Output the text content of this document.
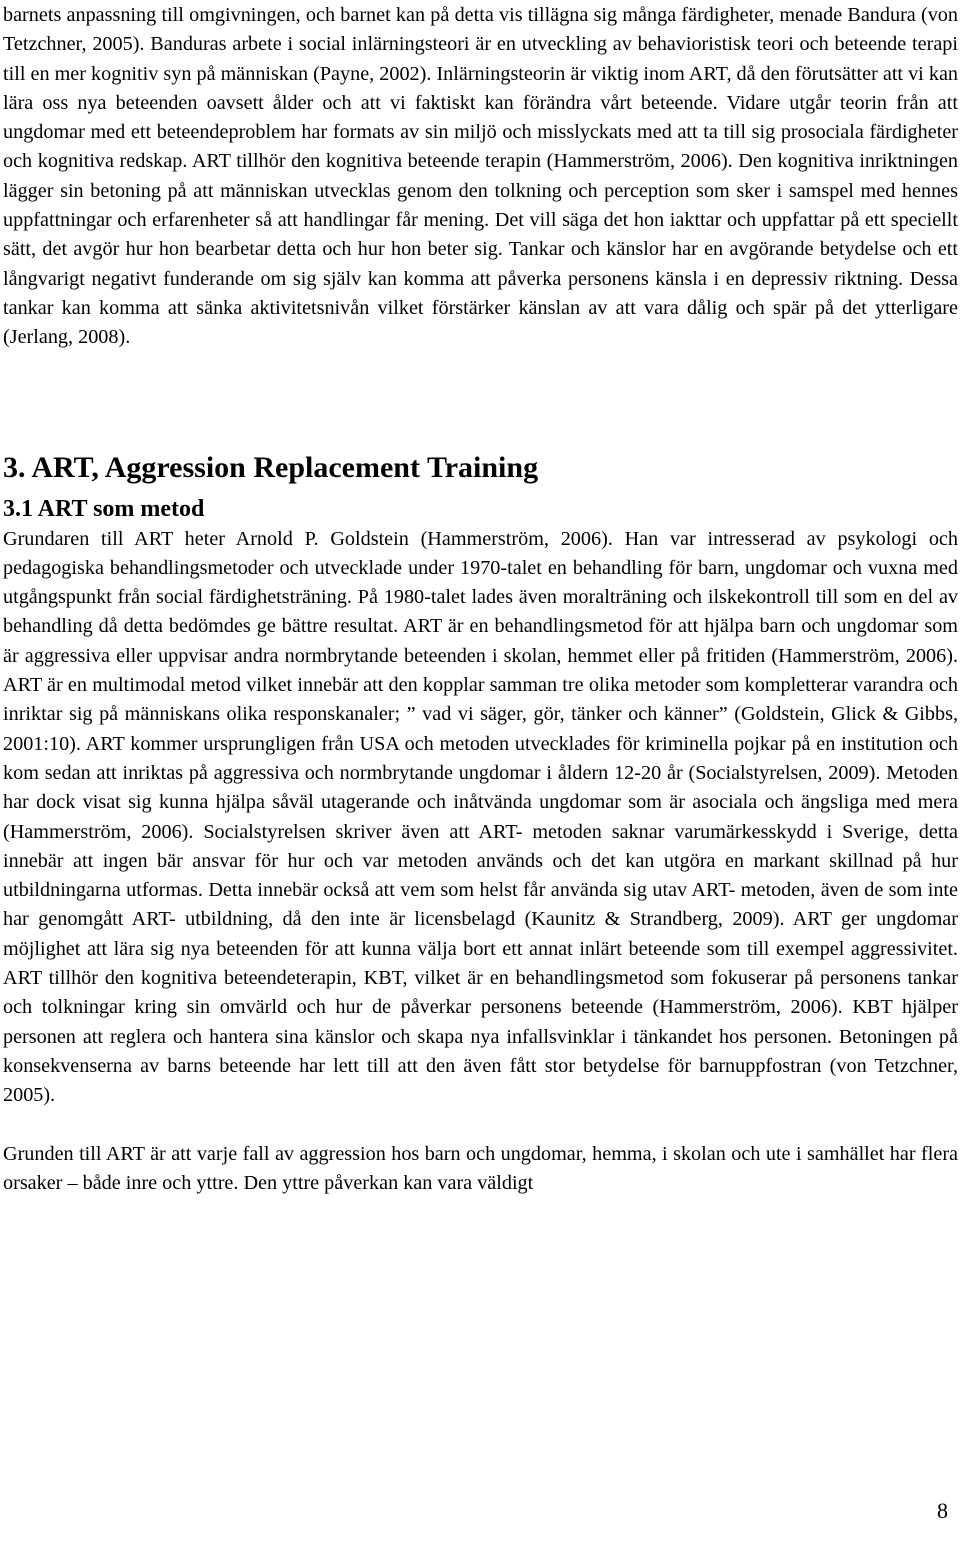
barnets anpassning till omgivningen, och barnet kan på detta vis tillägna sig många färdigheter, menade Bandura (von Tetzchner, 2005). Banduras arbete i social inlärningsteori är en utveckling av behavioristisk teori och beteende terapi till en mer kognitiv syn på människan (Payne, 2002). Inlärningsteorin är viktig inom ART, då den förutsätter att vi kan lära oss nya beteenden oavsett ålder och att vi faktiskt kan förändra vårt beteende. Vidare utgår teorin från att ungdomar med ett beteendeproblem har formats av sin miljö och misslyckats med att ta till sig prosociala färdigheter och kognitiva redskap. ART tillhör den kognitiva beteende terapin (Hammerström, 2006). Den kognitiva inriktningen lägger sin betoning på att människan utvecklas genom den tolkning och perception som sker i samspel med hennes uppfattningar och erfarenheter så att handlingar får mening. Det vill säga det hon iakttar och uppfattar på ett speciellt sätt, det avgör hur hon bearbetar detta och hur hon beter sig. Tankar och känslor har en avgörande betydelse och ett långvarigt negativt funderande om sig själv kan komma att påverka personens känsla i en depressiv riktning. Dessa tankar kan komma att sänka aktivitetsnivån vilket förstärker känslan av att vara dålig och spär på det ytterligare (Jerlang, 2008).

3. ART, Aggression Replacement Training
3.1 ART som metod

Grundaren till ART heter Arnold P. Goldstein (Hammerström, 2006). Han var intresserad av psykologi och pedagogiska behandlingsmetoder och utvecklade under 1970-talet en behandling för barn, ungdomar och vuxna med utgångspunkt från social färdighetsträning. På 1980-talet lades även moralträning och ilskekontroll till som en del av behandling då detta bedömdes ge bättre resultat. ART är en behandlingsmetod för att hjälpa barn och ungdomar som är aggressiva eller uppvisar andra normbrytande beteenden i skolan, hemmet eller på fritiden (Hammerström, 2006). ART är en multimodal metod vilket innebär att den kopplar samman tre olika metoder som kompletterar varandra och inriktar sig på människans olika responskanaler; ” vad vi säger, gör, tänker och känner” (Goldstein, Glick & Gibbs, 2001:10). ART kommer ursprungligen från USA och metoden utvecklades för kriminella pojkar på en institution och kom sedan att inriktas på aggressiva och normbrytande ungdomar i åldern 12-20 år (Socialstyrelsen, 2009). Metoden har dock visat sig kunna hjälpa såväl utagerande och inåtvända ungdomar som är asociala och ängsliga med mera (Hammerström, 2006). Socialstyrelsen skriver även att ART- metoden saknar varumärkesskydd i Sverige, detta innebär att ingen bär ansvar för hur och var metoden används och det kan utgöra en markant skillnad på hur utbildningarna utformas. Detta innebär också att vem som helst får använda sig utav ART- metoden, även de som inte har genomgått ART- utbildning, då den inte är licensbelagd (Kaunitz & Strandberg, 2009). ART ger ungdomar möjlighet att lära sig nya beteenden för att kunna välja bort ett annat inlärt beteende som till exempel aggressivitet. ART tillhör den kognitiva beteendeterapin, KBT, vilket är en behandlingsmetod som fokuserar på personens tankar och tolkningar kring sin omvärld och hur de påverkar personens beteende (Hammerström, 2006). KBT hjälper personen att reglera och hantera sina känslor och skapa nya infallsvinklar i tänkandet hos personen. Betoningen på konsekvenserna av barns beteende har lett till att den även fått stor betydelse för barnuppfostran (von Tetzchner, 2005).

Grunden till ART är att varje fall av aggression hos barn och ungdomar, hemma, i skolan och ute i samhället har flera orsaker – både inre och yttre. Den yttre påverkan kan vara väldigt

8
